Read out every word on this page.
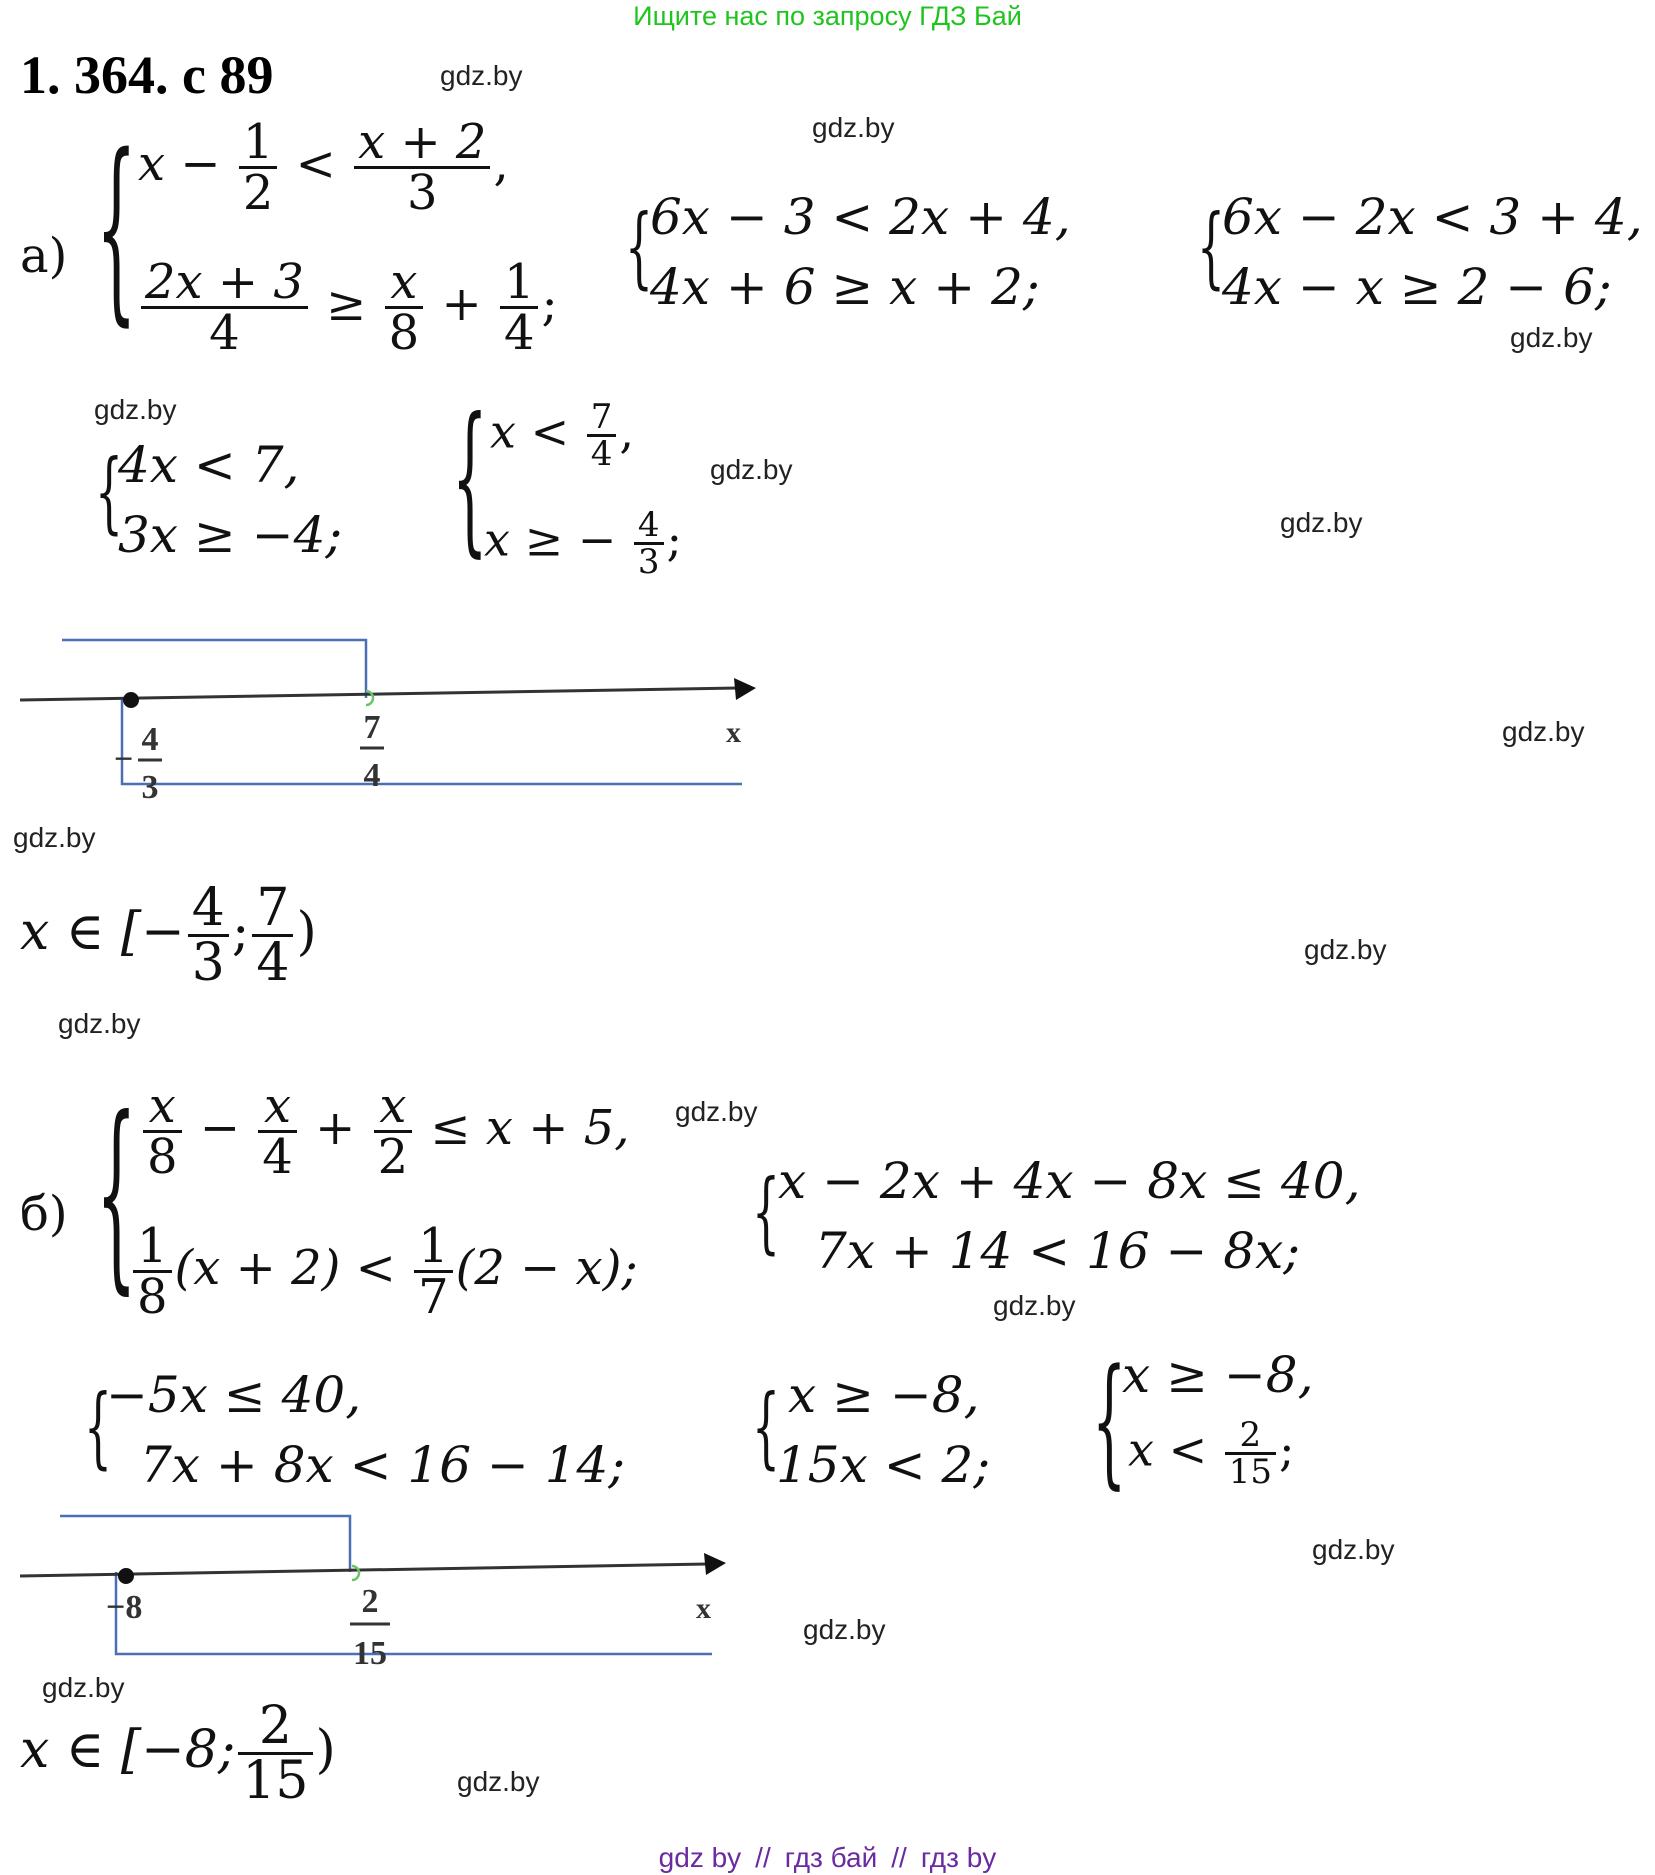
Ищите нас по запросу ГДЗ Бай
1. 364. с 89	gdz.by
gdz.by
gdz.by
gdz.by
gdz.by
gdz.by
gdz.by
gdz.by
gdz.by
gdz.by
gdz.by
gdz.by
gdz.by
gdz.by
gdz.by
gdz.by
а) { $x - \frac{1}{2} < \frac{x + 2}{3}$ ,
$\frac{2x + 3}{4} \ge \frac{x}{8} + \frac{1}{4}$ ;
{
6x − 3 < 2x + 4,
4x + 6 ≥ x + 2;	{
6x − 2x < 3 + 4,
4x − x ≥ 2 − 6;
{
4x < 7,
3x ≥ −4; { $x < \frac{7}{4}$ ,
x ≥ − $\frac{4}{3}$ ;
−
4
3
7
4
x
x ∈ [− $\frac{4}{3}$ ; $\frac{7}{4}$ )
б) { $\frac{x}{8} - \frac{x}{4} + \frac{x}{2} \le x + 5$,
$\frac{1}{8} (x + 2) < \frac{1}{7} (2 - x)$;
{
x − 2x + 4x − 8x ≤ 40,
7x + 14 < 16 − 8x;
{
−5x ≤ 40,
7x + 8x < 16 − 14;	{ x ≥ −8,
15x < 2; {
x ≥ −8,
$x < \frac{2}{15}$ ;
−8	2
15
x
x ∈ [−8; $\frac{2}{15}$ )
gdz by // гдз бай // гдз by
